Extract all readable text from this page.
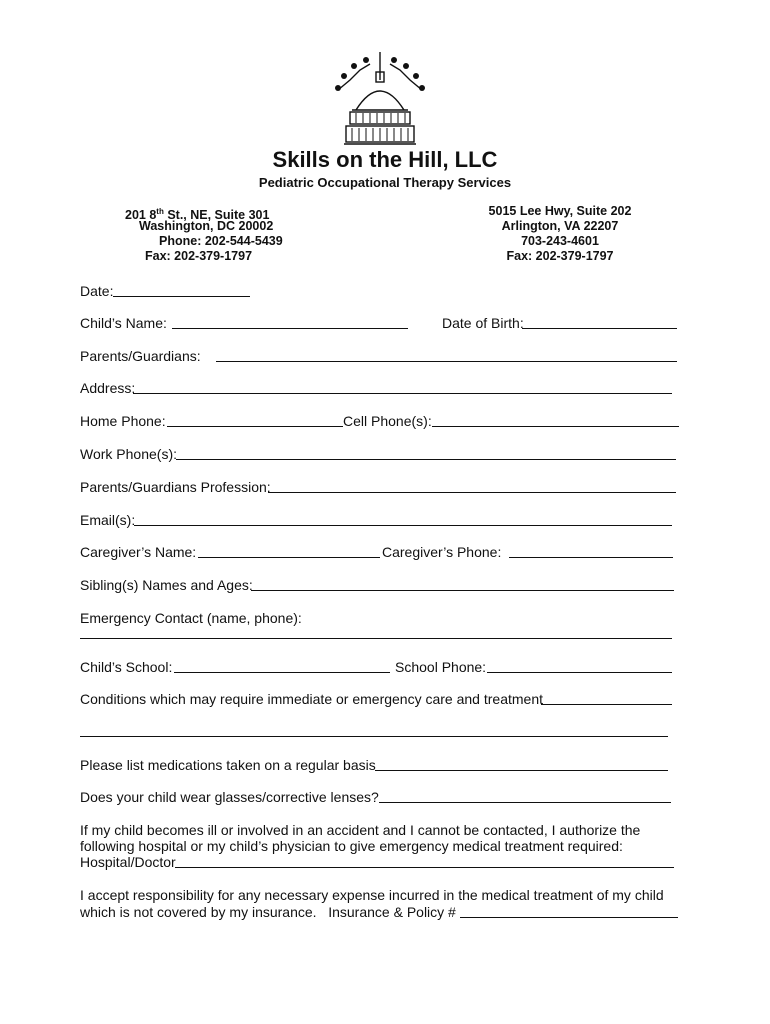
Skills on the Hill, LLC
Pediatric Occupational Therapy Services
201 8th St., NE, Suite 301
Washington, DC 20002
Phone: 202-544-5439
Fax: 202-379-1797
5015 Lee Hwy, Suite 202
Arlington, VA 22207
703-243-4601
Fax: 202-379-1797
Date:
Child’s Name:	Date of Birth:
Parents/Guardians:
Address:
Home Phone:	Cell Phone(s):
Work Phone(s):
Parents/Guardians Profession:
Email(s):
Caregiver’s Name:	Caregiver’s Phone:
Sibling(s) Names and Ages:
Emergency Contact (name, phone):
Child’s School:	School Phone:
Conditions which may require immediate or emergency care and treatment
Please list medications taken on a regular basis
Does your child wear glasses/corrective lenses?
If my child becomes ill or involved in an accident and I cannot be contacted, I authorize the
following hospital or my child’s physician to give emergency medical treatment required:
Hospital/Doctor
I accept responsibility for any necessary expense incurred in the medical treatment of my child
which is not covered by my insurance.   Insurance & Policy #
